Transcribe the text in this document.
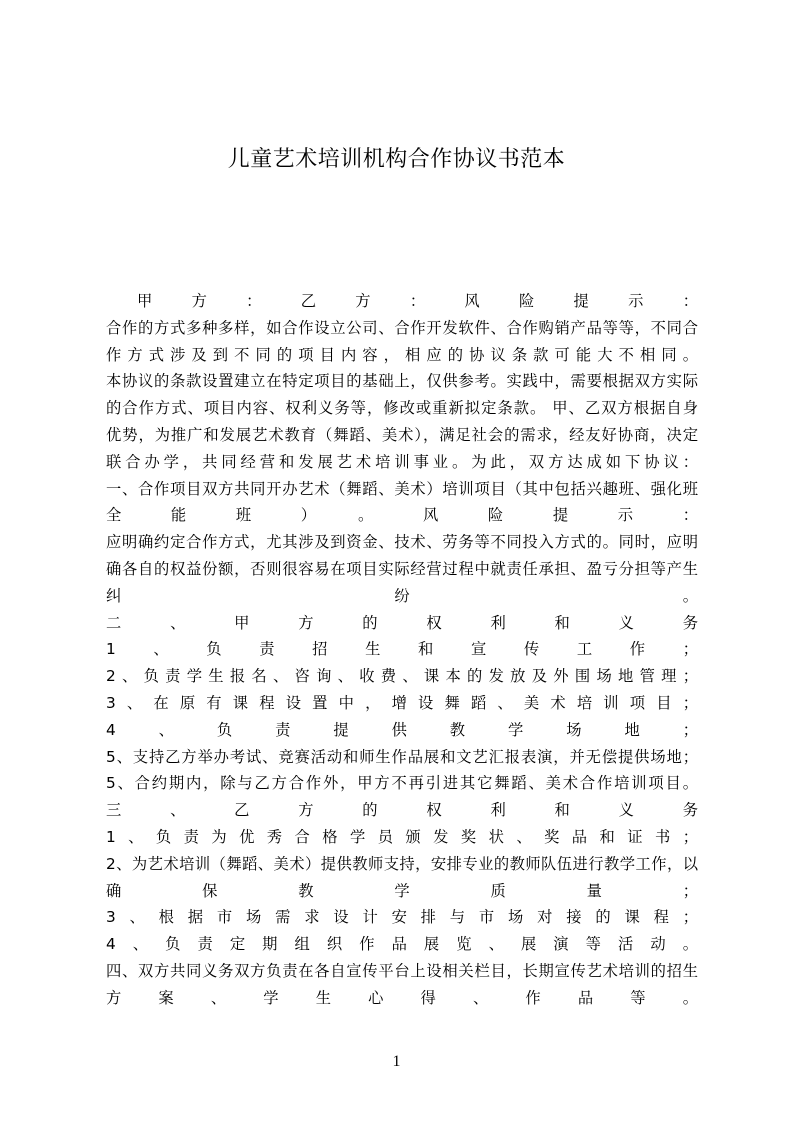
儿童艺术培训机构合作协议书范本
甲方：乙方：风险提示：
合作的方式多种多样，如合作设立公司、合作开发软件、合作购销产品等等，不同合
作方式涉及到不同的项目内容，相应的协议条款可能大不相同。
本协议的条款设置建立在特定项目的基础上，仅供参考。实践中，需要根据双方实际
的合作方式、项目内容、权利义务等，修改或重新拟定条款。 甲、乙双方根据自身
优势，为推广和发展艺术教育（舞蹈、美术），满足社会的需求，经友好协商，决定
联合办学，共同经营和发展艺术培训事业。为此，双方达成如下协议：
一、合作项目双方共同开办艺术（舞蹈、美术）培训项目（其中包括兴趣班、强化班
全能班）。风险提示：
应明确约定合作方式，尤其涉及到资金、技术、劳务等不同投入方式的。同时，应明
确各自的权益份额，否则很容易在项目实际经营过程中就责任承担、盈亏分担等产生
纠纷。
二、甲方的权利和义务
1、负责招生和宣传工作；
2、负责学生报名、咨询、收费、课本的发放及外围场地管理；
3、在原有课程设置中，增设舞蹈、美术培训项目；
4、负责提供教学场地；
5、支持乙方举办考试、竞赛活动和师生作品展和文艺汇报表演，并无偿提供场地；
5、合约期内，除与乙方合作外，甲方不再引进其它舞蹈、美术合作培训项目。
三、乙方的权利和义务
1、负责为优秀合格学员颁发奖状、奖品和证书；
2、为艺术培训（舞蹈、美术）提供教师支持，安排专业的教师队伍进行教学工作，以
确保教学质量；
3、根据市场需求设计安排与市场对接的课程；
4、负责定期组织作品展览、展演等活动。
四、双方共同义务双方负责在各自宣传平台上设相关栏目，长期宣传艺术培训的招生
方案、学生心得、作品等。
1
